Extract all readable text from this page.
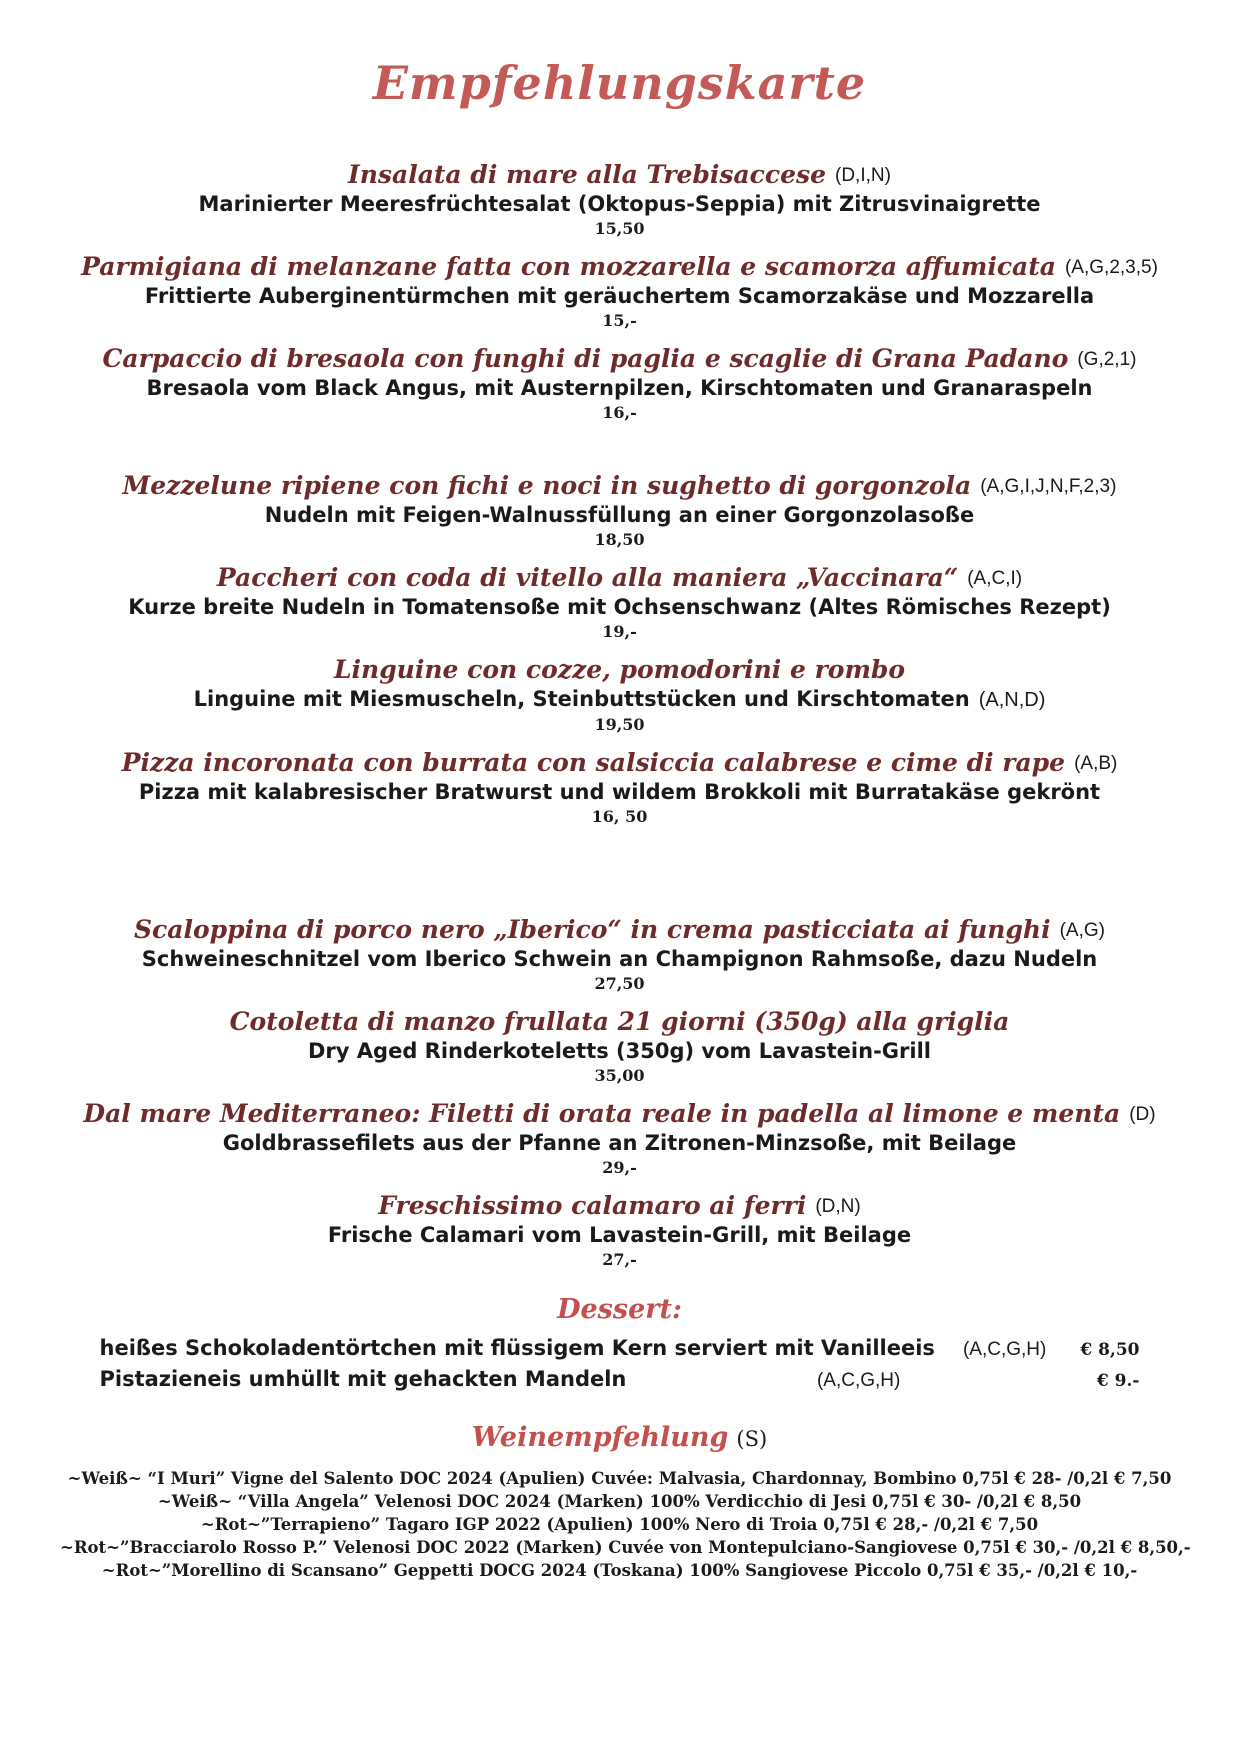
Empfehlungskarte
Insalata di mare alla Trebisaccese (D,I,N)
Marinierter Meeresfrüchtesalat (Oktopus-Seppia) mit Zitrusvinaigrette
15,50
Parmigiana di melanzane fatta con mozzarella e scamorza affumicata (A,G,2,3,5)
Frittierte Auberginentürmchen mit geräuchertem Scamorzakäse und Mozzarella
15,-
Carpaccio di bresaola con funghi di paglia e scaglie di Grana Padano (G,2,1)
Bresaola vom Black Angus, mit Austernpilzen, Kirschtomaten und Granaraspeln
16,-
Mezzelune ripiene con fichi e noci in sughetto di gorgonzola (A,G,I,J,N,F,2,3)
Nudeln mit Feigen-Walnussfüllung an einer Gorgonzolasoße
18,50
Paccheri con coda di vitello alla maniera „Vaccinara“ (A,C,I)
Kurze breite Nudeln in Tomatensoße mit Ochsenschwanz (Altes Römisches Rezept)
19,-
Linguine con cozze, pomodorini e rombo
Linguine mit Miesmuscheln, Steinbuttstücken und Kirschtomaten (A,N,D)
19,50
Pizza incoronata con burrata con salsiccia calabrese e cime di rape (A,B)
Pizza mit kalabresischer Bratwurst und wildem Brokkoli mit Burratakäse gekrönt
16, 50
Scaloppina di porco nero „Iberico“ in crema pasticciata ai funghi (A,G)
Schweineschnitzel vom Iberico Schwein an Champignon Rahmsoße, dazu Nudeln
27,50
Cotoletta di manzo frullata 21 giorni (350g) alla griglia
Dry Aged Rinderkoteletts (350g) vom Lavastein-Grill
35,00
Dal mare Mediterraneo: Filetti di orata reale in padella al limone e menta (D)
Goldbrassefilets aus der Pfanne an Zitronen-Minzsoße, mit Beilage
29,-
Freschissimo calamaro ai ferri (D,N)
Frische Calamari vom Lavastein-Grill, mit Beilage
27,-
Dessert:
heißes Schokoladentörtchen mit flüssigem Kern serviert mit Vanilleeis (A,C,G,H) € 8,50
Pistazieneis umhüllt mit gehackten Mandeln	(A,C,G,H)	€ 9.-
Weinempfehlung (S)
~Weiß~ “I Muri” Vigne del Salento DOC 2024 (Apulien) Cuvée: Malvasia, Chardonnay, Bombino 0,75l € 28- /0,2l € 7,50
~Weiß~ “Villa Angela” Velenosi DOC 2024 (Marken) 100% Verdicchio di Jesi 0,75l € 30- /0,2l € 8,50
~Rot~”Terrapieno” Tagaro IGP 2022 (Apulien) 100% Nero di Troia 0,75l € 28,- /0,2l € 7,50
~Rot~”Bracciarolo Rosso P.” Velenosi DOC 2022 (Marken) Cuvée von Montepulciano-Sangiovese 0,75l € 30,- /0,2l € 8,50,-
~Rot~”Morellino di Scansano” Geppetti DOCG 2024 (Toskana) 100% Sangiovese Piccolo 0,75l € 35,- /0,2l € 10,-
